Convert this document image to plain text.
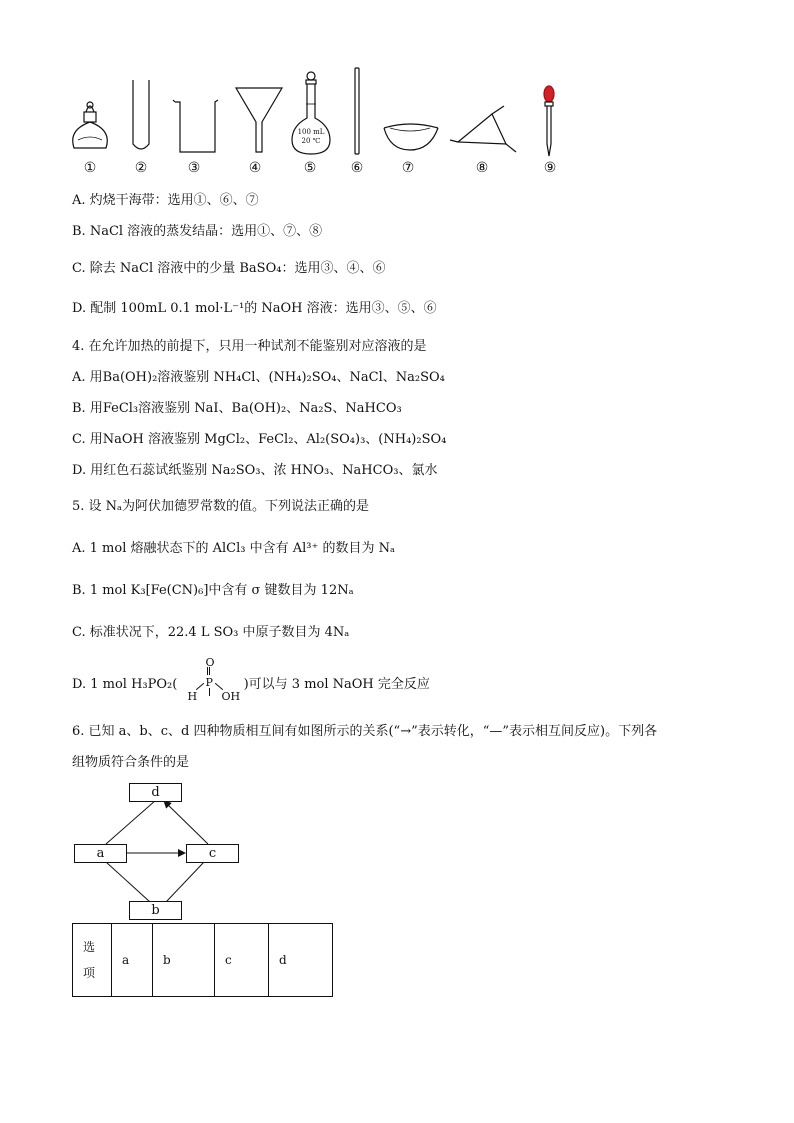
100 mL
20 ℃
①	②	③	④	⑤	⑥	⑦	⑧	⑨
A. 灼烧干海带：选用①、⑥、⑦
B. NaCl 溶液的蒸发结晶：选用①、⑦、⑧
C. 除去 NaCl 溶液中的少量 BaSO₄：选用③、④、⑥
D. 配制 100mL 0.1 mol·L⁻¹的 NaOH 溶液：选用③、⑤、⑥
4. 在允许加热的前提下，只用一种试剂不能鉴别对应溶液的是
A. 用Ba(OH)₂溶液鉴别 NH₄Cl、(NH₄)₂SO₄、NaCl、Na₂SO₄
B. 用FeCl₃溶液鉴别 NaI、Ba(OH)₂、Na₂S、NaHCO₃
C. 用NaOH 溶液鉴别 MgCl₂、FeCl₂、Al₂(SO₄)₃、(NH₄)₂SO₄
D. 用红色石蕊试纸鉴别 Na₂SO₃、浓 HNO₃、NaHCO₃、氯水
5. 设 Nₐ为阿伏加德罗常数的值。下列说法正确的是
A. 1 mol 熔融状态下的 AlCl₃ 中含有 Al³⁺ 的数目为 Nₐ
B. 1 mol K₃[Fe(CN)₆]中含有 σ 键数目为 12Nₐ
C. 标准状况下，22.4 L SO₃ 中原子数目为 4Nₐ
D. 1 mol H₃PO₂(
O
P
H OH
)可以与 3 mol NaOH 完全反应
6. 已知 a、b、c、d 四种物质相互间有如图所示的关系(“→”表示转化，“—”表示相互间反应)。下列各
组物质符合条件的是
d
a	c
b
选
项
	a	b	c	d
